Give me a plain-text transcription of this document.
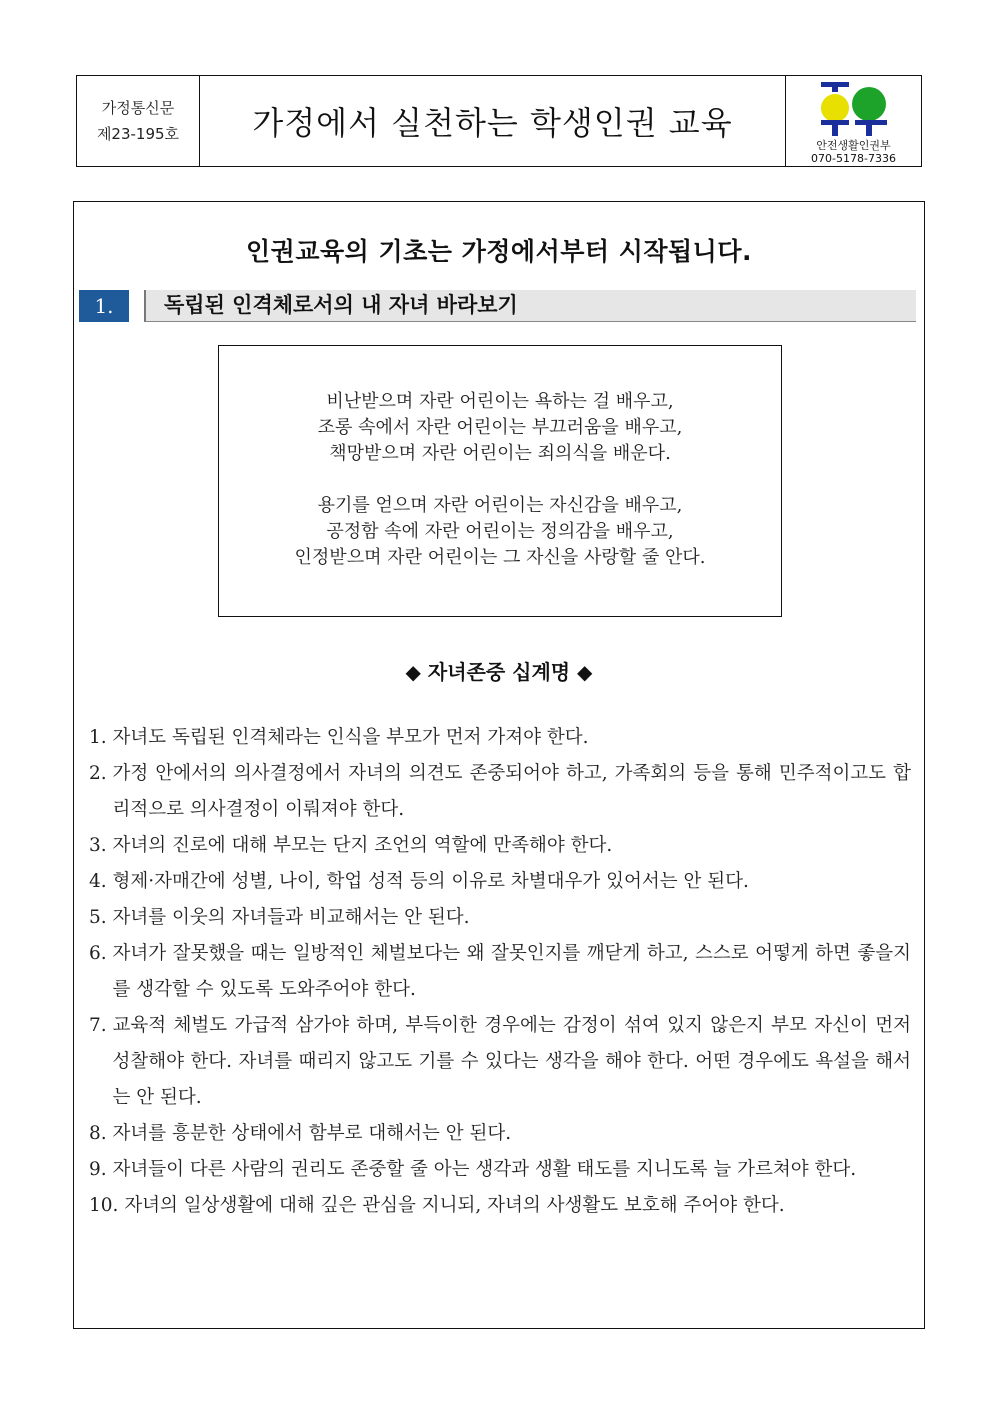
가정통신문
제23-195호	가정에서 실천하는 학생인권 교육
안전생활인권부
070-5178-7336
인권교육의 기초는 가정에서부터 시작됩니다.
1.	독립된 인격체로서의 내 자녀 바라보기
비난받으며 자란 어린이는 욕하는 걸 배우고,
조롱 속에서 자란 어린이는 부끄러움을 배우고,
책망받으며 자란 어린이는 죄의식을 배운다.
용기를 얻으며 자란 어린이는 자신감을 배우고,
공정함 속에 자란 어린이는 정의감을 배우고,
인정받으며 자란 어린이는 그 자신을 사랑할 줄 안다.
◆ 자녀존중 십계명 ◆
1. 자녀도 독립된 인격체라는 인식을 부모가 먼저 가져야 한다.
2. 가정 안에서의 의사결정에서 자녀의 의견도 존중되어야 하고, 가족회의 등을 통해 민주적이고도 합리적으로 의사결정이 이뤄져야 한다.
3. 자녀의 진로에 대해 부모는 단지 조언의 역할에 만족해야 한다.
4. 형제·자매간에 성별, 나이, 학업 성적 등의 이유로 차별대우가 있어서는 안 된다.
5. 자녀를 이웃의 자녀들과 비교해서는 안 된다.
6. 자녀가 잘못했을 때는 일방적인 체벌보다는 왜 잘못인지를 깨닫게 하고, 스스로 어떻게 하면 좋을지를 생각할 수 있도록 도와주어야 한다.
7. 교육적 체벌도 가급적 삼가야 하며, 부득이한 경우에는 감정이 섞여 있지 않은지 부모 자신이 먼저 성찰해야 한다. 자녀를 때리지 않고도 기를 수 있다는 생각을 해야 한다. 어떤 경우에도 욕설을 해서는 안 된다.
8. 자녀를 흥분한 상태에서 함부로 대해서는 안 된다.
9. 자녀들이 다른 사람의 권리도 존중할 줄 아는 생각과 생활 태도를 지니도록 늘 가르쳐야 한다.
10. 자녀의 일상생활에 대해 깊은 관심을 지니되, 자녀의 사생활도 보호해 주어야 한다.
